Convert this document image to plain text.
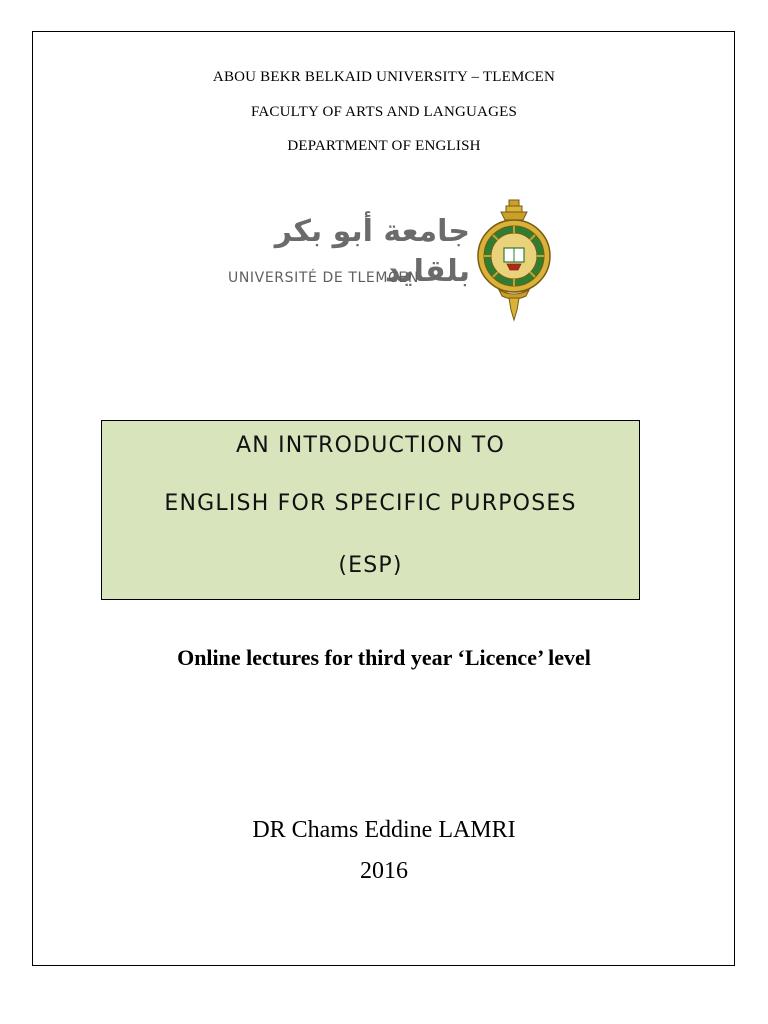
ABOU BEKR BELKAID UNIVERSITY – TLEMCEN
FACULTY OF ARTS AND LANGUAGES
DEPARTMENT OF ENGLISH
جامعة أبو بكر بلقايد
UNIVERSITÉ DE TLEMCEN
AN INTRODUCTION TO
ENGLISH FOR SPECIFIC PURPOSES
(ESP)
Online lectures for third year ‘Licence’ level
DR Chams Eddine LAMRI
2016
